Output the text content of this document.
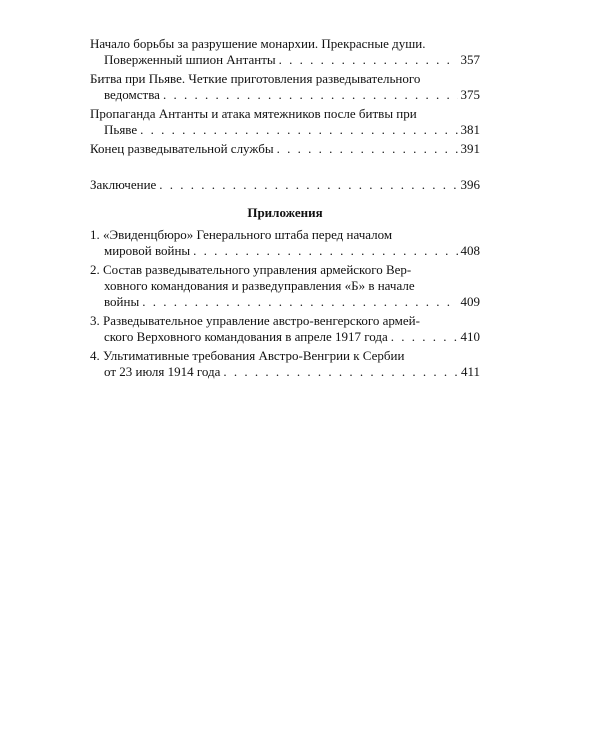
Начало борьбы за разрушение монархии. Прекрасные души.
Поверженный шпион Антанты . . .	357
Битва при Пьяве. Четкие приготовления разведывательного
ведомства . . .	375
Пропаганда Антанты и атака мятежников после битвы при
Пьяве . . .	381
Конец разведывательной службы . . .	391
Заключение . . .	396
Приложения
1. «Эвиденцбюро» Генерального штаба перед началом
мировой войны . . .	408
2. Состав разведывательного управления армейского Вер-
ховного командования и разведуправления «Б» в начале
войны . . .	409
3. Разведывательное управление австро-венгерского армей-
ского Верховного командования в апреле 1917 года . . .	410
4. Ультимативные требования Австро-Венгрии к Сербии
от 23 июля 1914 года . . .	411
